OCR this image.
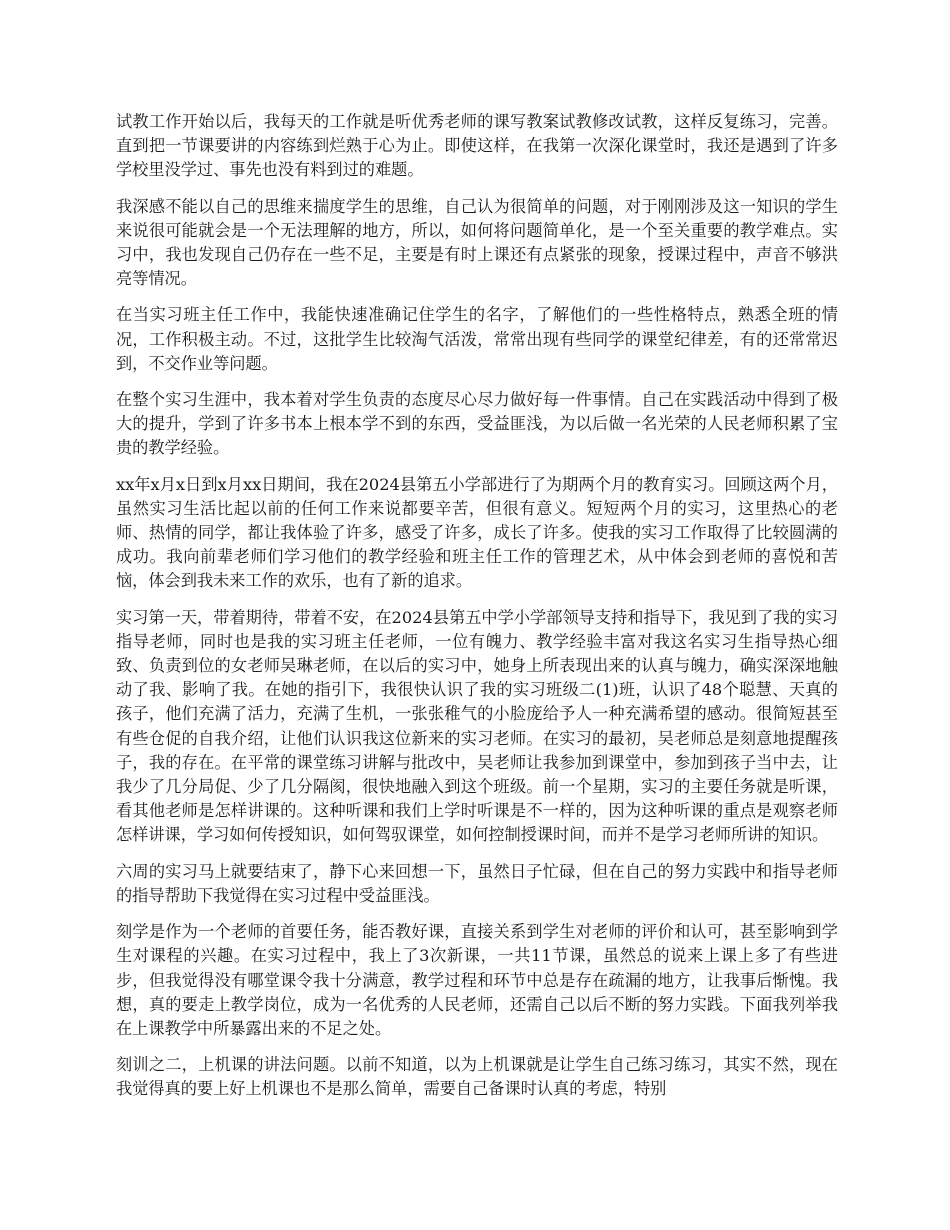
试教工作开始以后，我每天的工作就是听优秀老师的课写教案试教修改试教，这样反复练习，完善。直到把一节课要讲的内容练到烂熟于心为止。即使这样，在我第一次深化课堂时，我还是遇到了许多学校里没学过、事先也没有料到过的难题。

我深感不能以自己的思维来揣度学生的思维，自己认为很简单的问题，对于刚刚涉及这一知识的学生来说很可能就会是一个无法理解的地方，所以，如何将问题简单化，是一个至关重要的教学难点。实习中，我也发现自己仍存在一些不足，主要是有时上课还有点紧张的现象，授课过程中，声音不够洪亮等情况。

在当实习班主任工作中，我能快速准确记住学生的名字，了解他们的一些性格特点，熟悉全班的情况，工作积极主动。不过，这批学生比较淘气活泼，常常出现有些同学的课堂纪律差，有的还常常迟到，不交作业等问题。

在整个实习生涯中，我本着对学生负责的态度尽心尽力做好每一件事情。自己在实践活动中得到了极大的提升，学到了许多书本上根本学不到的东西，受益匪浅，为以后做一名光荣的人民老师积累了宝贵的教学经验。

xx年x月x日到x月xx日期间，我在2024县第五小学部进行了为期两个月的教育实习。回顾这两个月，虽然实习生活比起以前的任何工作来说都要辛苦，但很有意义。短短两个月的实习，这里热心的老师、热情的同学，都让我体验了许多，感受了许多，成长了许多。使我的实习工作取得了比较圆满的成功。我向前辈老师们学习他们的教学经验和班主任工作的管理艺术，从中体会到老师的喜悦和苦恼，体会到我未来工作的欢乐，也有了新的追求。

实习第一天，带着期待，带着不安，在2024县第五中学小学部领导支持和指导下，我见到了我的实习指导老师，同时也是我的实习班主任老师，一位有魄力、教学经验丰富对我这名实习生指导热心细致、负责到位的女老师吴琳老师，在以后的实习中，她身上所表现出来的认真与魄力，确实深深地触动了我、影响了我。在她的指引下，我很快认识了我的实习班级二(1)班，认识了48个聪慧、天真的孩子，他们充满了活力，充满了生机，一张张稚气的小脸庞给予人一种充满希望的感动。很简短甚至有些仓促的自我介绍，让他们认识我这位新来的实习老师。在实习的最初，吴老师总是刻意地提醒孩子，我的存在。在平常的课堂练习讲解与批改中，吴老师让我参加到课堂中，参加到孩子当中去，让我少了几分局促、少了几分隔阂，很快地融入到这个班级。前一个星期，实习的主要任务就是听课，看其他老师是怎样讲课的。这种听课和我们上学时听课是不一样的，因为这种听课的重点是观察老师怎样讲课，学习如何传授知识，如何驾驭课堂，如何控制授课时间，而并不是学习老师所讲的知识。

六周的实习马上就要结束了，静下心来回想一下，虽然日子忙碌，但在自己的努力实践中和指导老师的指导帮助下我觉得在实习过程中受益匪浅。

刻学是作为一个老师的首要任务，能否教好课，直接关系到学生对老师的评价和认可，甚至影响到学生对课程的兴趣。在实习过程中，我上了3次新课，一共11节课，虽然总的说来上课上多了有些进步，但我觉得没有哪堂课令我十分满意，教学过程和环节中总是存在疏漏的地方，让我事后惭愧。我想，真的要走上教学岗位，成为一名优秀的人民老师，还需自己以后不断的努力实践。下面我列举我在上课教学中所暴露出来的不足之处。

刻训之二，上机课的讲法问题。以前不知道，以为上机课就是让学生自己练习练习，其实不然，现在我觉得真的要上好上机课也不是那么简单，需要自己备课时认真的考虑，特别
